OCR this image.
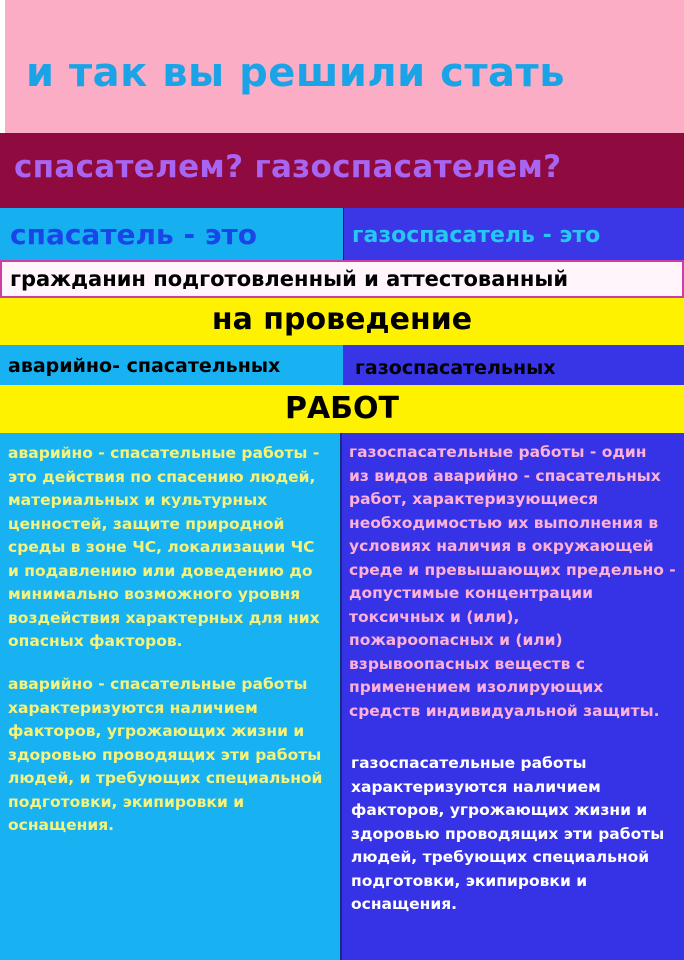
и так вы решили стать
спасателем? газоспасателем?
спасатель - это	газоспасатель - это
гражданин подготовленный и аттестованный
на проведение
аварийно- спасательных	газоспасательных
РАБОТ
аварийно - спасательные работы -
это действия по спасению людей,
материальных и культурных
ценностей, защите природной
среды в зоне ЧС, локализации ЧС
и подавлению или доведению до
минимально возможного уровня
воздействия характерных для них
опасных факторов.
аварийно - спасательные работы
характеризуются наличием
факторов, угрожающих жизни и
здоровью проводящих эти работы
людей, и требующих специальной
подготовки, экипировки и
оснащения.
газоспасательные работы - один
из видов аварийно - спасательных
работ, характеризующиеся
необходимостью их выполнения в
условиях наличия в окружающей
среде и превышающих предельно -
допустимые концентрации
токсичных и (или),
пожароопасных и (или)
взрывоопасных веществ с
применением изолирующих
средств индивидуальной защиты.
газоспасательные работы
характеризуются наличием
факторов, угрожающих жизни и
здоровью проводящих эти работы
людей, требующих специальной
подготовки, экипировки и
оснащения.
